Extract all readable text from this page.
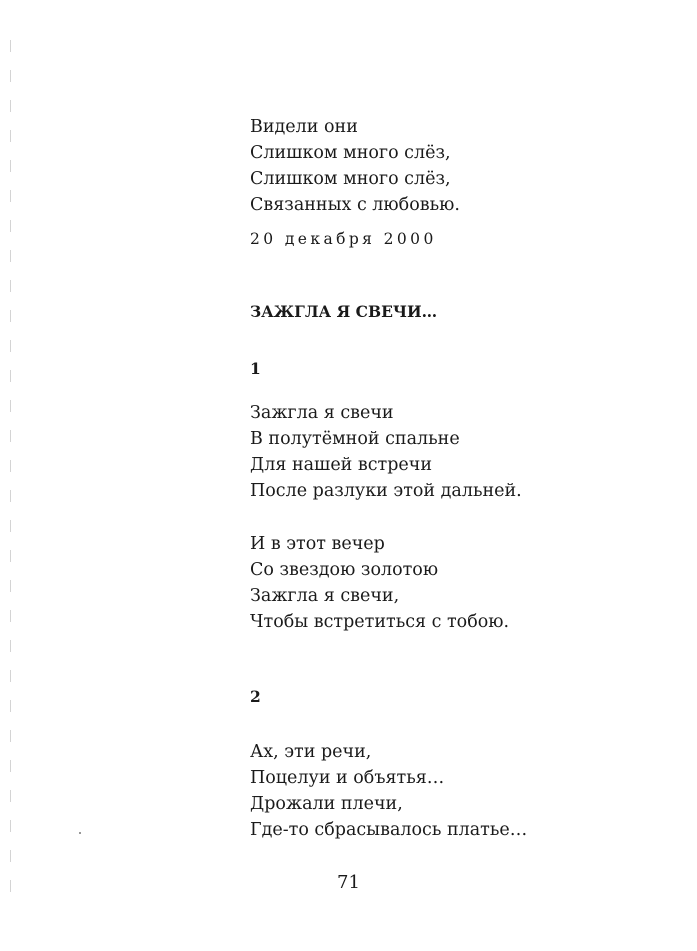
Видели они
Слишком много слёз,
Слишком много слёз,
Связанных с любовью.
20 декабря 2000
ЗАЖГЛА Я СВЕЧИ…
1
Зажгла я свечи
В полутёмной спальне
Для нашей встречи
После разлуки этой дальней.
И в этот вечер
Со звездою золотою
Зажгла я свечи,
Чтобы встретиться с тобою.
2
Ах, эти речи,
Поцелуи и объятья…
Дрожали плечи,
Где-то сбрасывалось платье…
71
